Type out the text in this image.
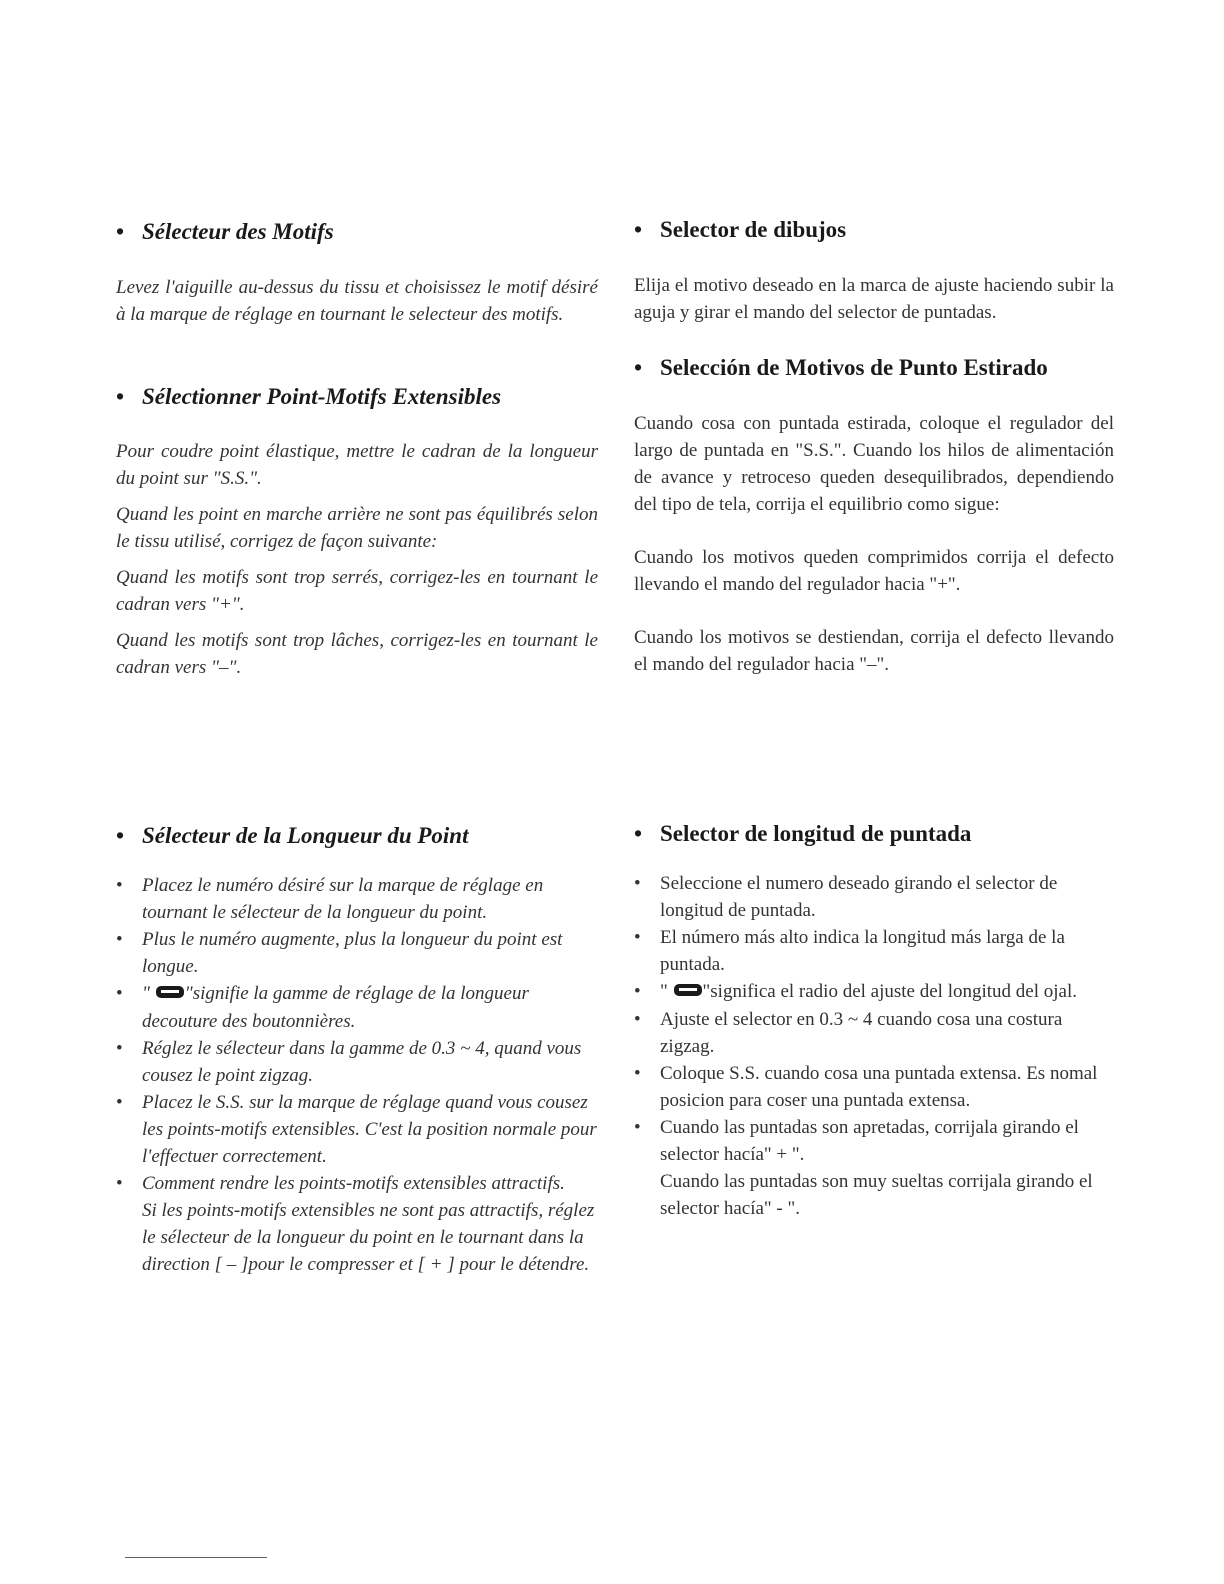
• Sélecteur des Motifs

Levez l'aiguille au-dessus du tissu et choisissez le motif désiré à la marque de réglage en tournant le selecteur des motifs.

• Sélectionner Point-Motifs Extensibles

Pour coudre point élastique, mettre le cadran de la longueur du point sur "S.S.".

Quand les point en marche arrière ne sont pas équilibrés selon le tissu utilisé, corrigez de façon suivante:

Quand les motifs sont trop serrés, corrigez-les en tournant le cadran vers "+".

Quand les motifs sont trop lâches, corrigez-les en tournant le cadran vers "–".

• Selector de dibujos

Elija el motivo deseado en la marca de ajuste haciendo subir la aguja y girar el mando del selector de puntadas.

• Selección de Motivos de Punto Estirado

Cuando cosa con puntada estirada, coloque el regulador del largo de puntada en "S.S.". Cuando los hilos de alimentación de avance y retroceso queden desequilibrados, dependiendo del tipo de tela, corrija el equilibrio como sigue:

Cuando los motivos queden comprimidos corrija el defecto llevando el mando del regulador hacia "+".

Cuando los motivos se destiendan, corrija el defecto llevando el mando del regulador hacia "–".

• Sélecteur de la Longueur du Point
• Placez le numéro désiré sur la marque de réglage en tournant le sélecteur de la longueur du point.
• Plus le numéro augmente, plus la longueur du point est longue.
• " "signifie la gamme de réglage de la longueur decouture des boutonnières.
• Réglez le sélecteur dans la gamme de 0.3 ~ 4, quand vous cousez le point zigzag.
• Placez le S.S. sur la marque de réglage quand vous cousez les points-motifs extensibles. C'est la position normale pour l'effectuer correctement.
• Comment rendre les points-motifs extensibles attractifs.
Si les points-motifs extensibles ne sont pas attractifs, réglez le sélecteur de la longueur du point en le tournant dans la direction [ – ]pour le compresser et [ + ] pour le détendre.
• Selector de longitud de puntada
• Seleccione el numero deseado girando el selector de longitud de puntada.
• El número más alto indica la longitud más larga de la puntada.
• " "significa el radio del ajuste del longitud del ojal.
• Ajuste el selector en 0.3 ~ 4 cuando cosa una costura zigzag.
• Coloque S.S. cuando cosa una puntada extensa. Es nomal posicion para coser una puntada extensa.
• Cuando las puntadas son apretadas, corrijala girando el selector hacía" + ".
Cuando las puntadas son muy sueltas corrijala girando el selector hacía" - ".
